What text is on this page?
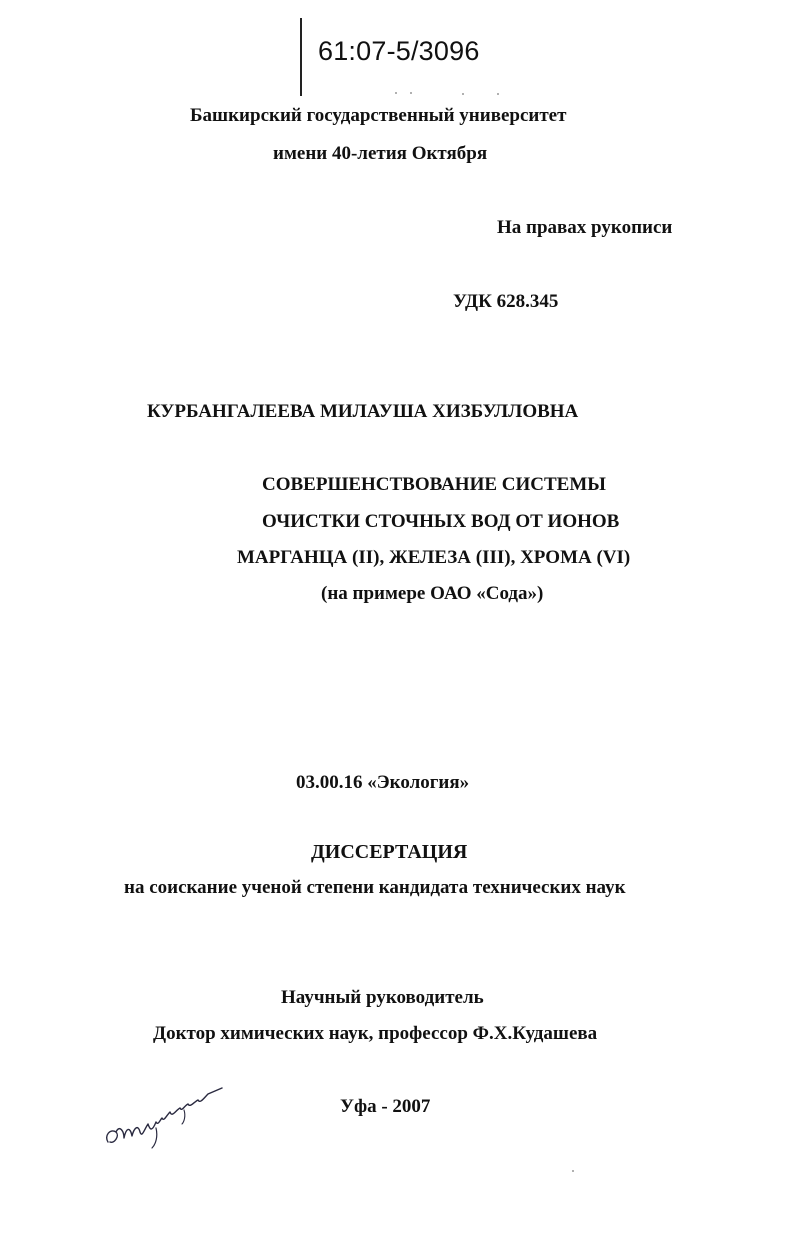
61:07-5/3096
Башкирский государственный университет
имени 40-летия Октября
На правах рукописи
УДК 628.345
КУРБАНГАЛЕЕВА МИЛАУША ХИЗБУЛЛОВНА
СОВЕРШЕНСТВОВАНИЕ СИСТЕМЫ
ОЧИСТКИ СТОЧНЫХ ВОД ОТ ИОНОВ
МАРГАНЦА (II), ЖЕЛЕЗА (III), ХРОМА (VI)
(на примере ОАО «Сода»)
03.00.16 «Экология»
ДИССЕРТАЦИЯ
на соискание ученой степени кандидата технических наук
Научный руководитель
Доктор химических наук, профессор Ф.Х.Кудашева
Уфа - 2007
